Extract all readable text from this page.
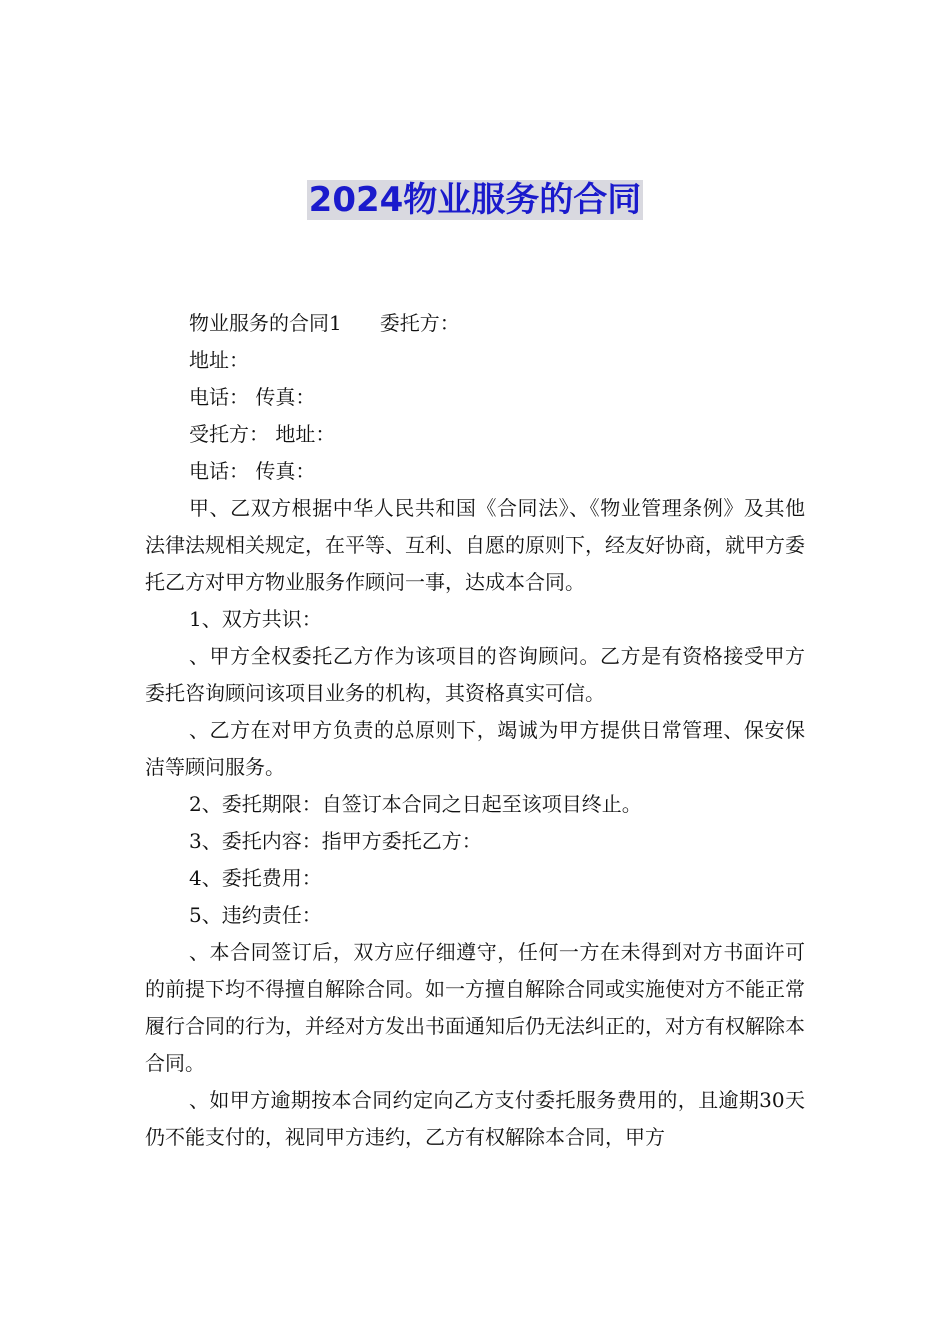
2024物业服务的合同
物业服务的合同1 委托方：
地址：
电话： 传真：
受托方： 地址：
电话： 传真：
甲、乙双方根据中华人民共和国《合同法》、《物业管理条例》及其他法律法规相关规定，在平等、互利、自愿的原则下，经友好协商，就甲方委托乙方对甲方物业服务作顾问一事，达成本合同。
1、双方共识：
、甲方全权委托乙方作为该项目的咨询顾问。乙方是有资格接受甲方委托咨询顾问该项目业务的机构，其资格真实可信。
、乙方在对甲方负责的总原则下，竭诚为甲方提供日常管理、保安保洁等顾问服务。
2、委托期限：自签订本合同之日起至该项目终止。
3、委托内容：指甲方委托乙方：
4、委托费用：
5、违约责任：
、本合同签订后，双方应仔细遵守，任何一方在未得到对方书面许可的前提下均不得擅自解除合同。如一方擅自解除合同或实施使对方不能正常履行合同的行为，并经对方发出书面通知后仍无法纠正的，对方有权解除本合同。
、如甲方逾期按本合同约定向乙方支付委托服务费用的，且逾期30天仍不能支付的，视同甲方违约，乙方有权解除本合同，甲方
